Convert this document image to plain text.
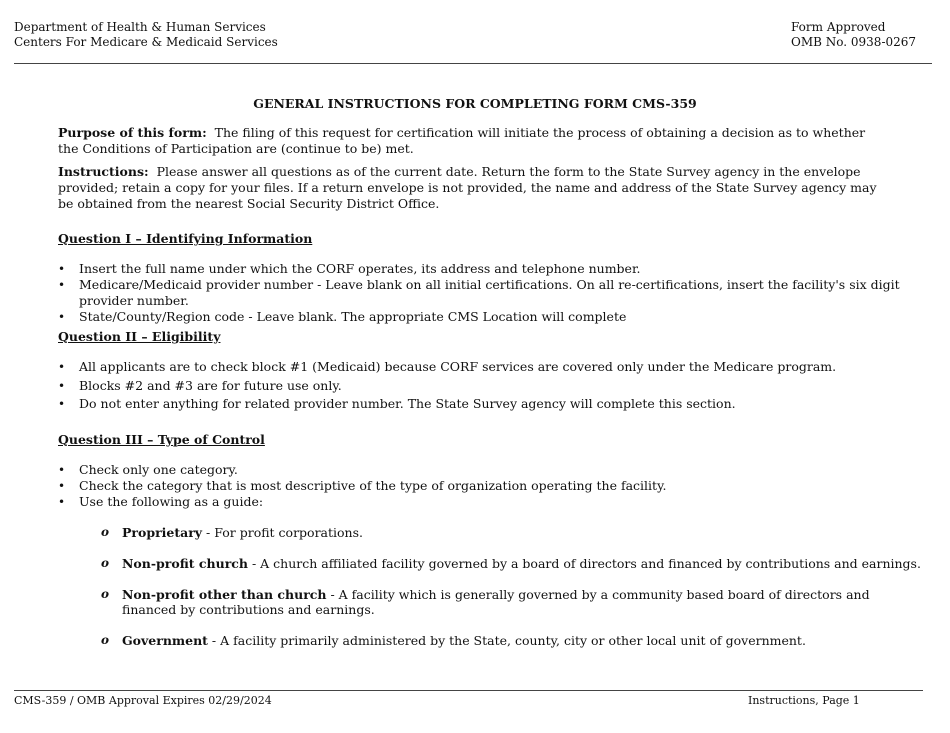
Department of Health & Human Services
Centers For Medicare & Medicaid Services
Form Approved
OMB No. 0938-0267
GENERAL INSTRUCTIONS FOR COMPLETING FORM CMS-359
Purpose of this form: The filing of this request for certification will initiate the process of obtaining a decision as to whether the Conditions of Participation are (continue to be) met.
Instructions: Please answer all questions as of the current date. Return the form to the State Survey agency in the envelope provided; retain a copy for your files. If a return envelope is not provided, the name and address of the State Survey agency may be obtained from the nearest Social Security District Office.
Question I – Identifying Information
• Insert the full name under which the CORF operates, its address and telephone number.
• Medicare/Medicaid provider number - Leave blank on all initial certifications. On all re-certifications, insert the facility's six digit provider number.
• State/County/Region code - Leave blank. The appropriate CMS Location will complete
Question II – Eligibility
• All applicants are to check block #1 (Medicaid) because CORF services are covered only under the Medicare program.
• Blocks #2 and #3 are for future use only.
• Do not enter anything for related provider number. The State Survey agency will complete this section.
Question III – Type of Control
• Check only one category.
• Check the category that is most descriptive of the type of organization operating the facility.
• Use the following as a guide:
o Proprietary - For profit corporations.
o Non-profit church - A church affiliated facility governed by a board of directors and financed by contributions and earnings.
o Non-profit other than church - A facility which is generally governed by a community based board of directors and financed by contributions and earnings.
o Government - A facility primarily administered by the State, county, city or other local unit of government.
CMS-359 / OMB Approval Expires 02/29/2024	Instructions, Page 1
